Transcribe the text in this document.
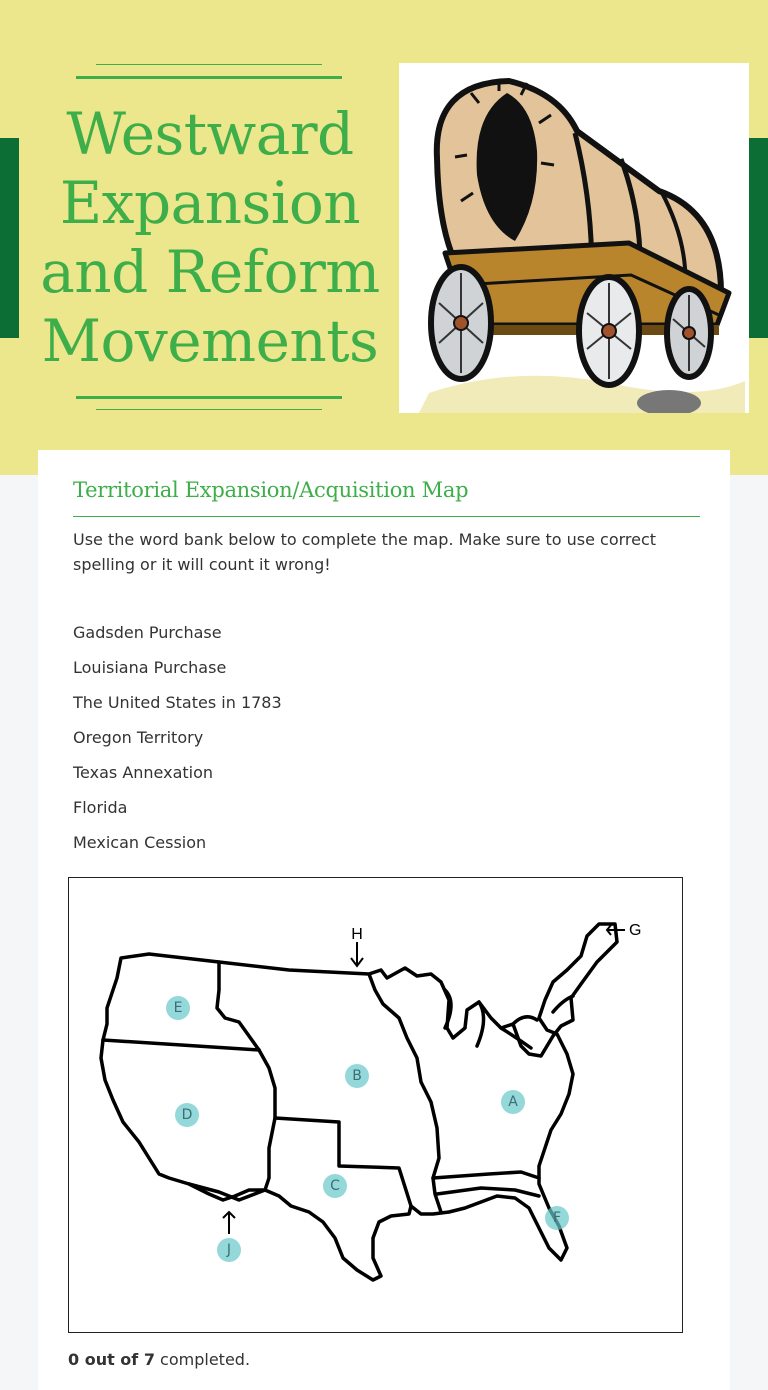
Westward
Expansion
and Reform
Movements
Territorial Expansion/Acquisition Map

Use the word bank below to complete the map. Make sure to use correct spelling or it will count it wrong!

Gadsden Purchase
Louisiana Purchase
The United States in 1783
Oregon Territory
Texas Annexation
Florida
Mexican Cession
H	G
A
B
C
D
E
F
J

0 out of 7 completed.
